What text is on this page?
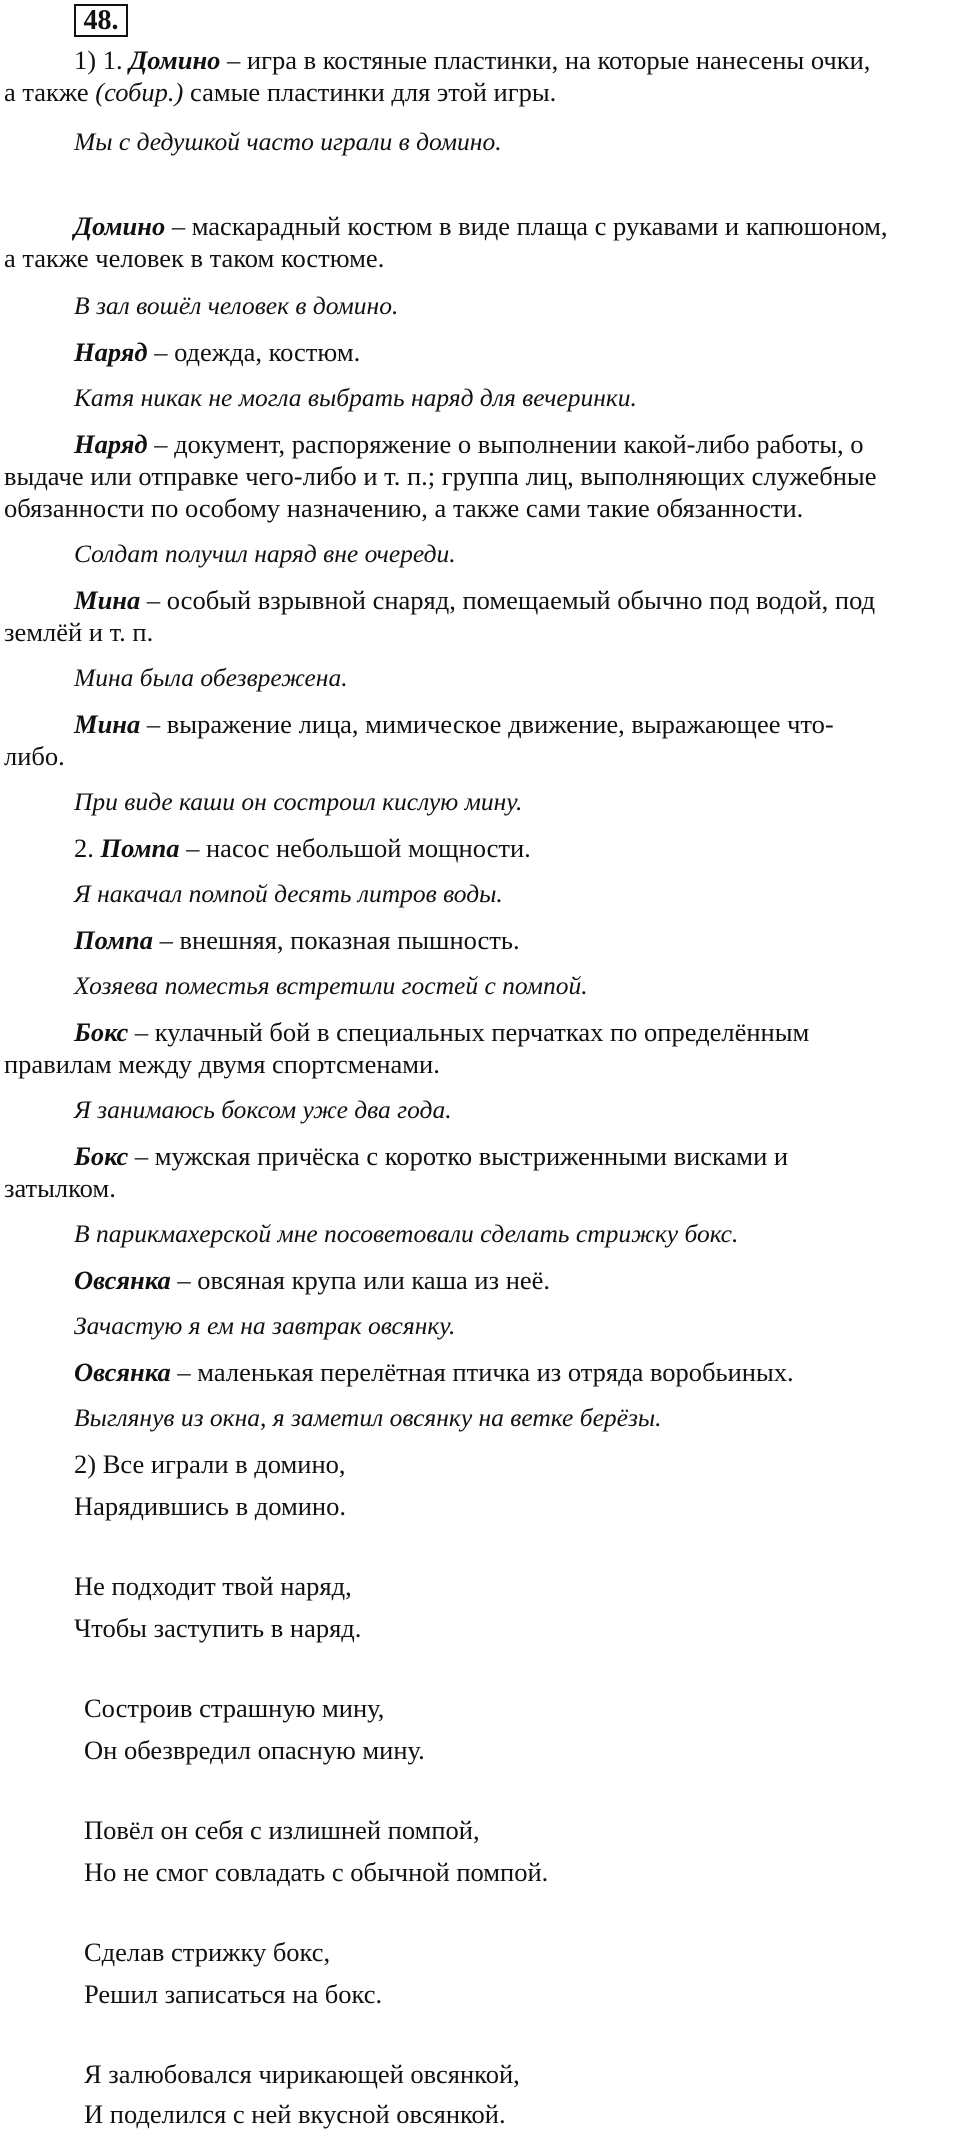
48.
1) 1. Домино – игра в костяные пластинки, на которые нанесены очки,
а также (собир.) самые пластинки для этой игры.
Мы с дедушкой часто играли в домино.
Домино – маскарадный костюм в виде плаща с рукавами и капюшоном,
а также человек в таком костюме.
В зал вошёл человек в домино.
Наряд – одежда, костюм.
Катя никак не могла выбрать наряд для вечеринки.
Наряд – документ, распоряжение о выполнении какой-либо работы, о
выдаче или отправке чего-либо и т. п.; группа лиц, выполняющих служебные
обязанности по особому назначению, а также сами такие обязанности.
Солдат получил наряд вне очереди.
Мина – особый взрывной снаряд, помещаемый обычно под водой, под
землёй и т. п.
Мина была обезврежена.
Мина – выражение лица, мимическое движение, выражающее что-
либо.
При виде каши он состроил кислую мину.
2. Помпа – насос небольшой мощности.
Я накачал помпой десять литров воды.
Помпа – внешняя, показная пышность.
Хозяева поместья встретили гостей с помпой.
Бокс – кулачный бой в специальных перчатках по определённым
правилам между двумя спортсменами.
Я занимаюсь боксом уже два года.
Бокс – мужская причёска с коротко выстриженными висками и
затылком.
В парикмахерской мне посоветовали сделать стрижку бокс.
Овсянка – овсяная крупа или каша из неё.
Зачастую я ем на завтрак овсянку.
Овсянка – маленькая перелётная птичка из отряда воробьиных.
Выглянув из окна, я заметил овсянку на ветке берёзы.
2) Все играли в домино,
Нарядившись в домино.
Не подходит твой наряд,
Чтобы заступить в наряд.
Состроив страшную мину,
Он обезвредил опасную мину.
Повёл он себя с излишней помпой,
Но не смог совладать с обычной помпой.
Сделав стрижку бокс,
Решил записаться на бокс.
Я залюбовался чирикающей овсянкой,
И поделился с ней вкусной овсянкой.
